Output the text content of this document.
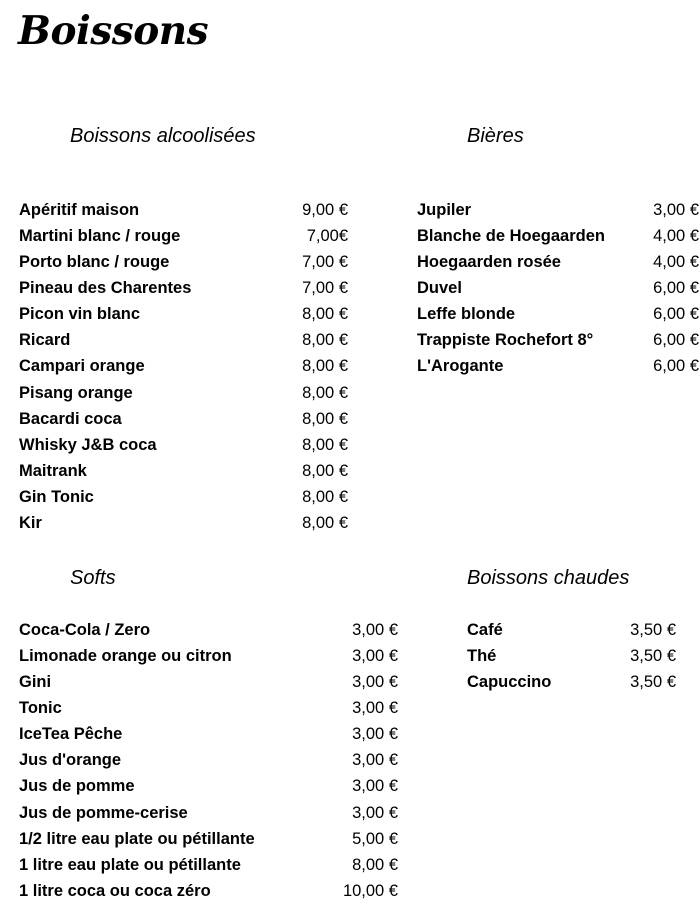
Boissons
Boissons alcoolisées
Apéritif maison	9,00 €
Martini blanc / rouge	7,00€
Porto blanc / rouge	7,00 €
Pineau des Charentes	7,00 €
Picon vin blanc	8,00 €
Ricard	8,00 €
Campari orange	8,00 €
Pisang orange	8,00 €
Bacardi coca	8,00 €
Whisky J&B coca	8,00 €
Maitrank	8,00 €
Gin Tonic	8,00 €
Kir	8,00 €
Bières
Jupiler	3,00 €
Blanche de Hoegaarden	4,00 €
Hoegaarden rosée	4,00 €
Duvel	6,00 €
Leffe blonde	6,00 €
Trappiste Rochefort 8°	6,00 €
L'Arogante	6,00 €
Softs
Coca-Cola / Zero	3,00 €
Limonade orange ou citron	3,00 €
Gini	3,00 €
Tonic	3,00 €
IceTea Pêche	3,00 €
Jus d'orange	3,00 €
Jus de pomme	3,00 €
Jus de pomme-cerise	3,00 €
1/2 litre eau plate ou pétillante	5,00 €
1 litre eau plate ou pétillante	8,00 €
1 litre coca ou coca zéro	10,00 €
Boissons chaudes
Café	3,50 €
Thé	3,50 €
Capuccino	3,50 €
